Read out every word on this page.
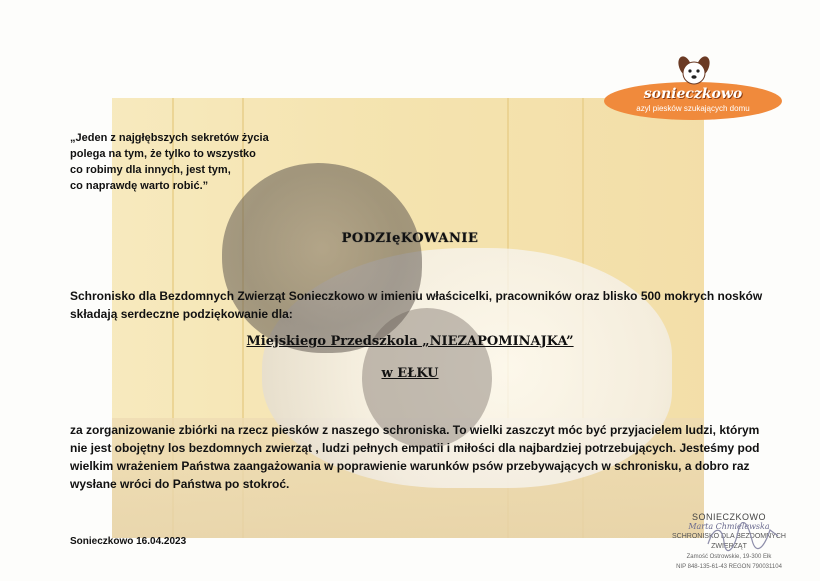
sonieczkowo
azyl piesków szukających domu
„Jeden z najgłębszych sekretów życia
polega na tym, że tylko to wszystko
co robimy dla innych, jest tym,
co naprawdę warto robić.”
PODZIęKOWANIE
Schronisko dla Bezdomnych Zwierząt Sonieczkowo w imieniu właścicelki, pracowników oraz blisko 500 mokrych nosków składają serdeczne podziękowanie dla:
Miejskiego Przedszkola „NIEZAPOMINAJKA”
w EŁKU
za zorganizowanie zbiórki na rzecz piesków z naszego schroniska. To wielki zaszczyt móc być przyjacielem ludzi, którym nie jest obojętny los bezdomnych zwierząt , ludzi pełnych empatii i miłości dla najbardziej potrzebujących. Jesteśmy pod wielkim wrażeniem Państwa zaangażowania w poprawienie warunków psów przebywających w schronisku, a dobro raz wysłane wróci do Państwa po stokroć.
Sonieczkowo 16.04.2023
SONIECZKOWO
Marta Chmielewska
SCHRONISKO DLA BEZDOMNYCH ZWIERZĄT
Zamość Ostrowskie, 19-300 Ełk
NIP 848-135-61-43 REGON 790031104
